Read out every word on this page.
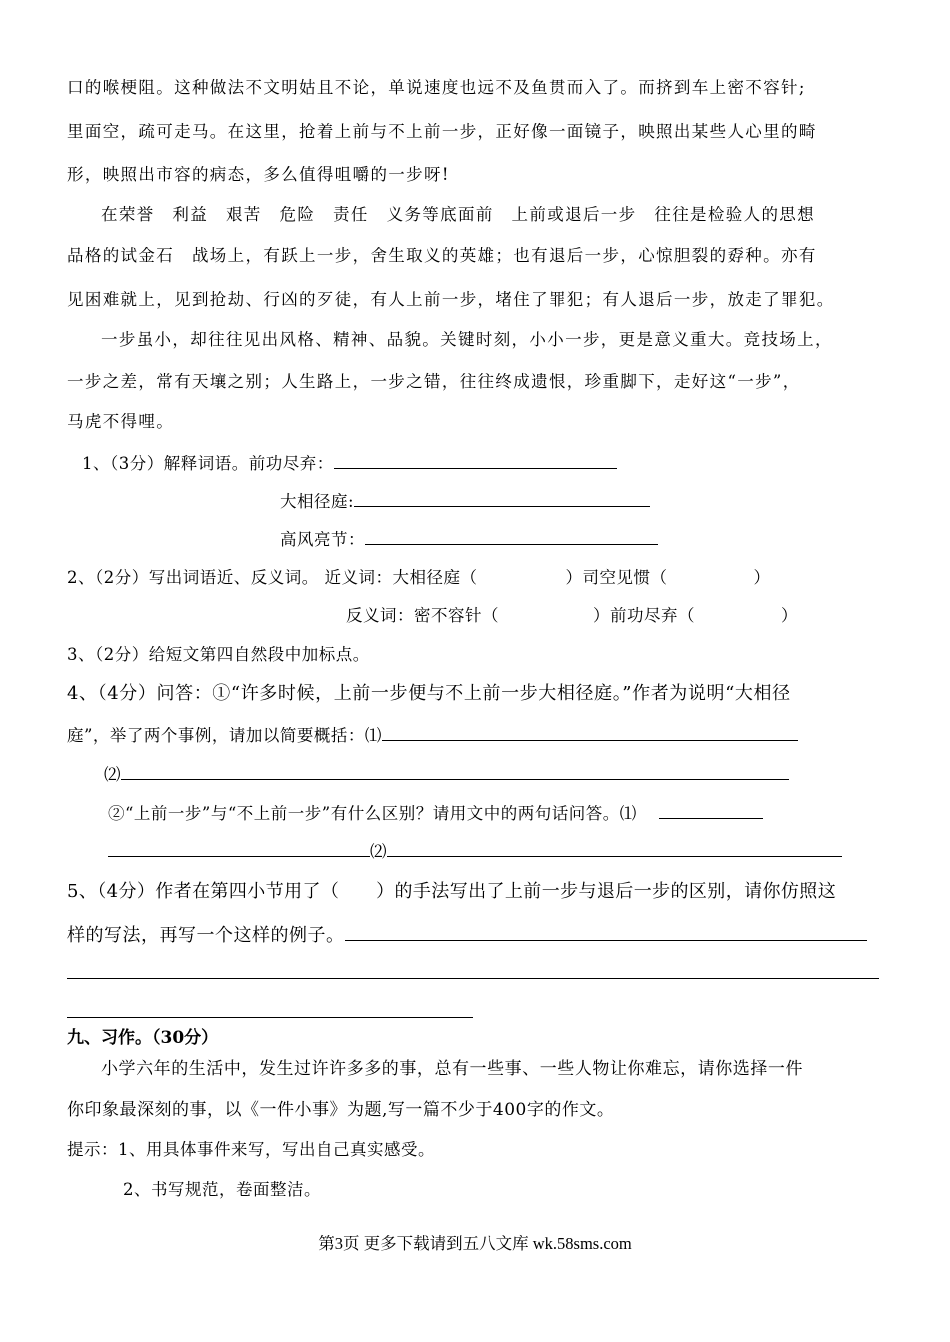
口的喉梗阻。这种做法不文明姑且不论，单说速度也远不及鱼贯而入了。而挤到车上密不容针;
里面空，疏可走马。在这里，抢着上前与不上前一步，正好像一面镜子，映照出某些人心里的畸
形，映照出市容的病态，多么值得咀嚼的一步呀!
在荣誉　利益　艰苦　危险　责任　义务等底面前　上前或退后一步　往往是检验人的思想
品格的试金石　战场上，有跃上一步，舍生取义的英雄；也有退后一步，心惊胆裂的孬种。亦有
见困难就上，见到抢劫、行凶的歹徒，有人上前一步，堵住了罪犯；有人退后一步，放走了罪犯。
一步虽小，却往往见出风格、精神、品貌。关键时刻，小小一步，更是意义重大。竞技场上，
一步之差，常有天壤之别；人生路上，一步之错，往往终成遗恨，珍重脚下，走好这“一步”，
马虎不得哩。
1、（3分）解释词语。前功尽弃：
大相径庭:
高风亮节：
2、（2分）写出词语近、反义词。 近义词：大相径庭（	）司空见惯（	）
反义词：密不容针（	）前功尽弃（	）
3、（2分）给短文第四自然段中加标点。
4、（4分）问答：①“许多时候，上前一步便与不上前一步大相径庭。”作者为说明“大相径
庭”，举了两个事例，请加以简要概括：⑴
⑵
②“上前一步”与“不上前一步”有什么区别？请用文中的两句话问答。⑴
⑵
5、（4分）作者在第四小节用了（　　）的手法写出了上前一步与退后一步的区别，请你仿照这
样的写法，再写一个这样的例子。
九、习作。（30分）
小学六年的生活中，发生过许许多多的事，总有一些事、一些人物让你难忘，请你选择一件
你印象最深刻的事，以《一件小事》为题,写一篇不少于400字的作文。
提示：1、用具体事件来写，写出自己真实感受。
2、书写规范，卷面整洁。
第3页 更多下载请到五八文库 wk.58sms.com
